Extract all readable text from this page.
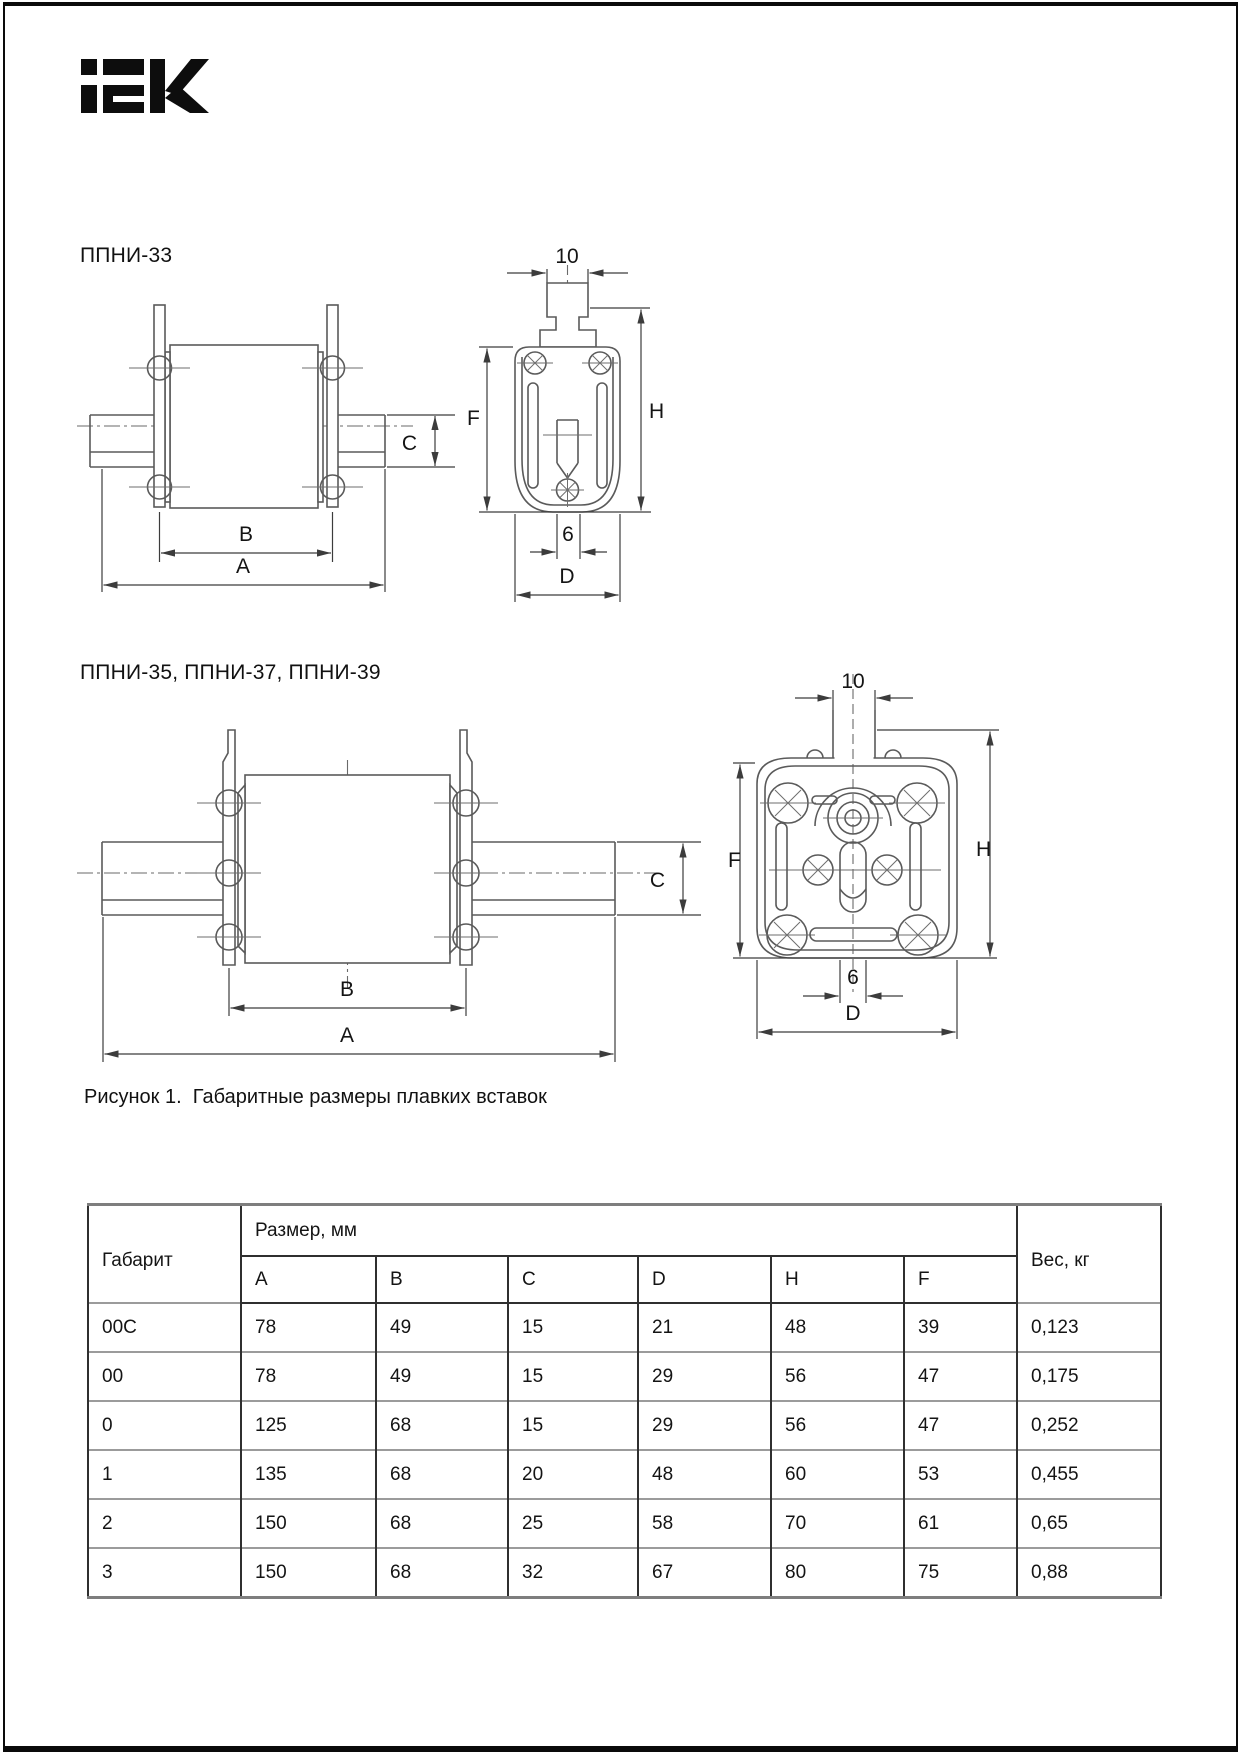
ППНИ-33
C
B
A
10
F	H
6
D
ППНИ-35, ППНИ-37, ППНИ-39
C
B
A
10
F	H
6
D
Рисунок 1.  Габаритные размеры плавких вставок
Габарит	Размер, мм						Вес, кг
	A	B	C	D	H	F	
00C	78	49	15	21	48	39	0,123
00	78	49	15	29	56	47	0,175
0	125	68	15	29	56	47	0,252
1	135	68	20	48	60	53	0,455
2	150	68	25	58	70	61	0,65
3	150	68	32	67	80	75	0,88
